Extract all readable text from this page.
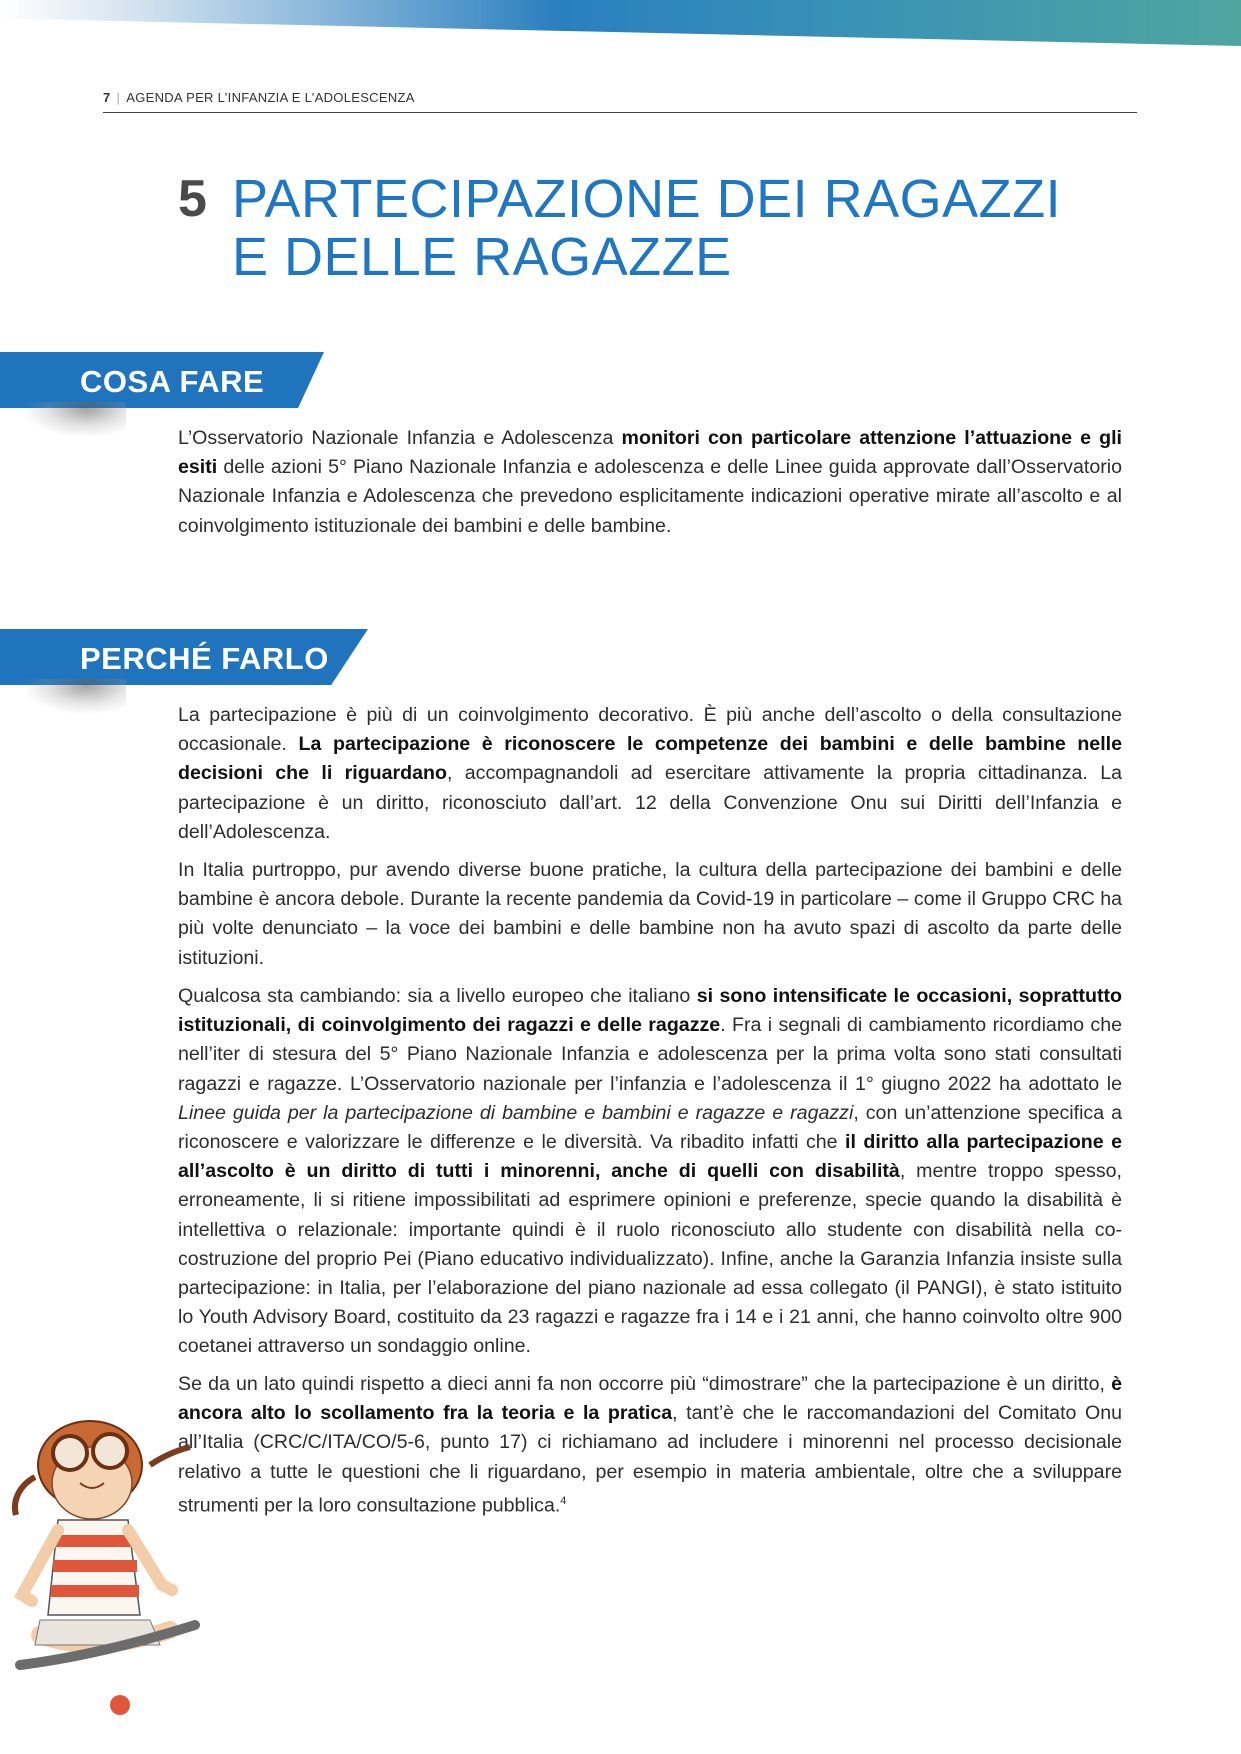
7 | AGENDA PER L’INFANZIA E L’ADOLESCENZA
5 PARTECIPAZIONE DEI RAGAZZI
E DELLE RAGAZZE
COSA FARE
L’Osservatorio Nazionale Infanzia e Adolescenza monitori con particolare attenzione l’attuazione e gli esiti delle azioni 5° Piano Nazionale Infanzia e adolescenza e delle Linee guida approvate dall’Osservatorio Nazionale Infanzia e Adolescenza che prevedono esplicitamente indicazioni operative mirate all’ascolto e al coinvolgimento istituzionale dei bambini e delle bambine.
PERCHÉ FARLO
La partecipazione è più di un coinvolgimento decorativo. È più anche dell’ascolto o della consultazione occasionale. La partecipazione è riconoscere le competenze dei bambini e delle bambine nelle decisioni che li riguardano, accompagnandoli ad esercitare attivamente la propria cittadinanza. La partecipazione è un diritto, riconosciuto dall’art. 12 della Convenzione Onu sui Diritti dell’Infanzia e dell’Adolescenza.
In Italia purtroppo, pur avendo diverse buone pratiche, la cultura della partecipazione dei bambini e delle bambine è ancora debole. Durante la recente pandemia da Covid-19 in particolare – come il Gruppo CRC ha più volte denunciato – la voce dei bambini e delle bambine non ha avuto spazi di ascolto da parte delle istituzioni.
Qualcosa sta cambiando: sia a livello europeo che italiano si sono intensificate le occasioni, soprattutto istituzionali, di coinvolgimento dei ragazzi e delle ragazze. Fra i segnali di cambiamento ricordiamo che nell’iter di stesura del 5° Piano Nazionale Infanzia e adolescenza per la prima volta sono stati consultati ragazzi e ragazze. L’Osservatorio nazionale per l’infanzia e l’adolescenza il 1° giugno 2022 ha adottato le Linee guida per la partecipazione di bambine e bambini e ragazze e ragazzi, con un’attenzione specifica a riconoscere e valorizzare le differenze e le diversità. Va ribadito infatti che il diritto alla partecipazione e all’ascolto è un diritto di tutti i minorenni, anche di quelli con disabilità, mentre troppo spesso, erroneamente, li si ritiene impossibilitati ad esprimere opinioni e preferenze, specie quando la disabilità è intellettiva o relazionale: importante quindi è il ruolo riconosciuto allo studente con disabilità nella co-costruzione del proprio Pei (Piano educativo individualizzato). Infine, anche la Garanzia Infanzia insiste sulla partecipazione: in Italia, per l’elaborazione del piano nazionale ad essa collegato (il PANGI), è stato istituito lo Youth Advisory Board, costituito da 23 ragazzi e ragazze fra i 14 e i 21 anni, che hanno coinvolto oltre 900 coetanei attraverso un sondaggio online.
Se da un lato quindi rispetto a dieci anni fa non occorre più “dimostrare” che la partecipazione è un diritto, è ancora alto lo scollamento fra la teoria e la pratica, tant’è che le raccomandazioni del Comitato Onu all’Italia (CRC/C/ITA/CO/5-6, punto 17) ci richiamano ad includere i minorenni nel processo decisionale relativo a tutte le questioni che li riguardano, per esempio in materia ambientale, oltre che a sviluppare strumenti per la loro consultazione pubblica.$^4$
